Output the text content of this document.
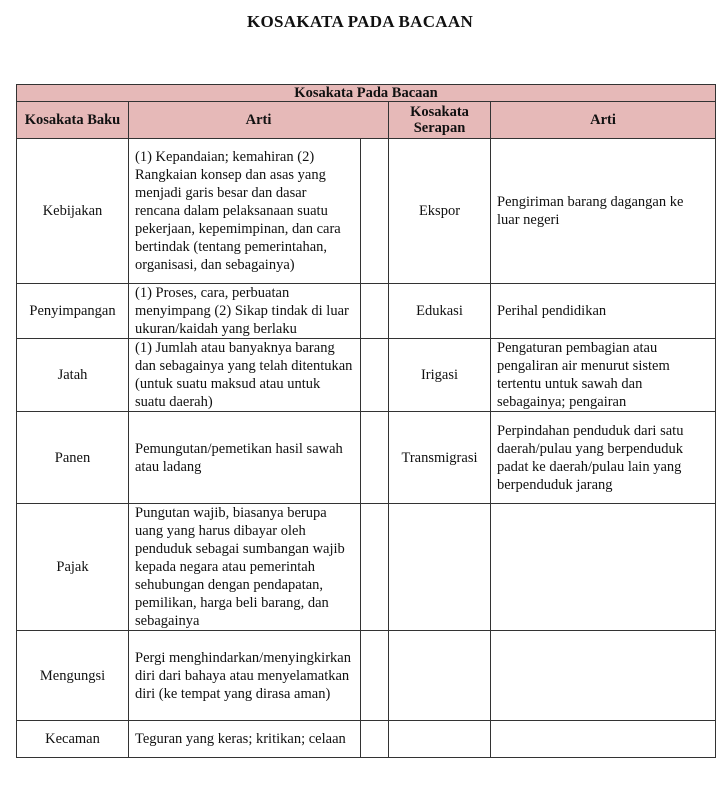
KOSAKATA PADA BACAAN
Kosakata Pada Bacaan				
Kosakata Baku	Arti		Kosakata Serapan	Arti
Kebijakan	(1) Kepandaian; kemahiran (2) Rangkaian konsep dan asas yang menjadi garis besar dan dasar rencana dalam pelaksanaan suatu pekerjaan, kepemimpinan, dan cara bertindak (tentang pemerintahan, organisasi, dan sebagainya)		Ekspor	Pengiriman barang dagangan ke luar negeri
Penyimpangan	(1) Proses, cara, perbuatan menyimpang (2) Sikap tindak di luar ukuran/kaidah yang berlaku		Edukasi	Perihal pendidikan
Jatah	(1) Jumlah atau banyaknya barang dan sebagainya yang telah ditentukan (untuk suatu maksud atau untuk suatu daerah)		Irigasi	Pengaturan pembagian atau pengaliran air menurut sistem tertentu untuk sawah dan sebagainya; pengairan
Panen	Pemungutan/pemetikan hasil sawah atau ladang		Transmigrasi	Perpindahan penduduk dari satu daerah/pulau yang berpenduduk padat ke daerah/pulau lain yang berpenduduk jarang
Pajak	Pungutan wajib, biasanya berupa uang yang harus dibayar oleh penduduk sebagai sumbangan wajib kepada negara atau pemerintah sehubungan dengan pendapatan, pemilikan, harga beli barang, dan sebagainya			
Mengungsi	Pergi menghindarkan/menyingkirkan diri dari bahaya atau menyelamatkan diri (ke tempat yang dirasa aman)			
Kecaman	Teguran yang keras; kritikan; celaan			
